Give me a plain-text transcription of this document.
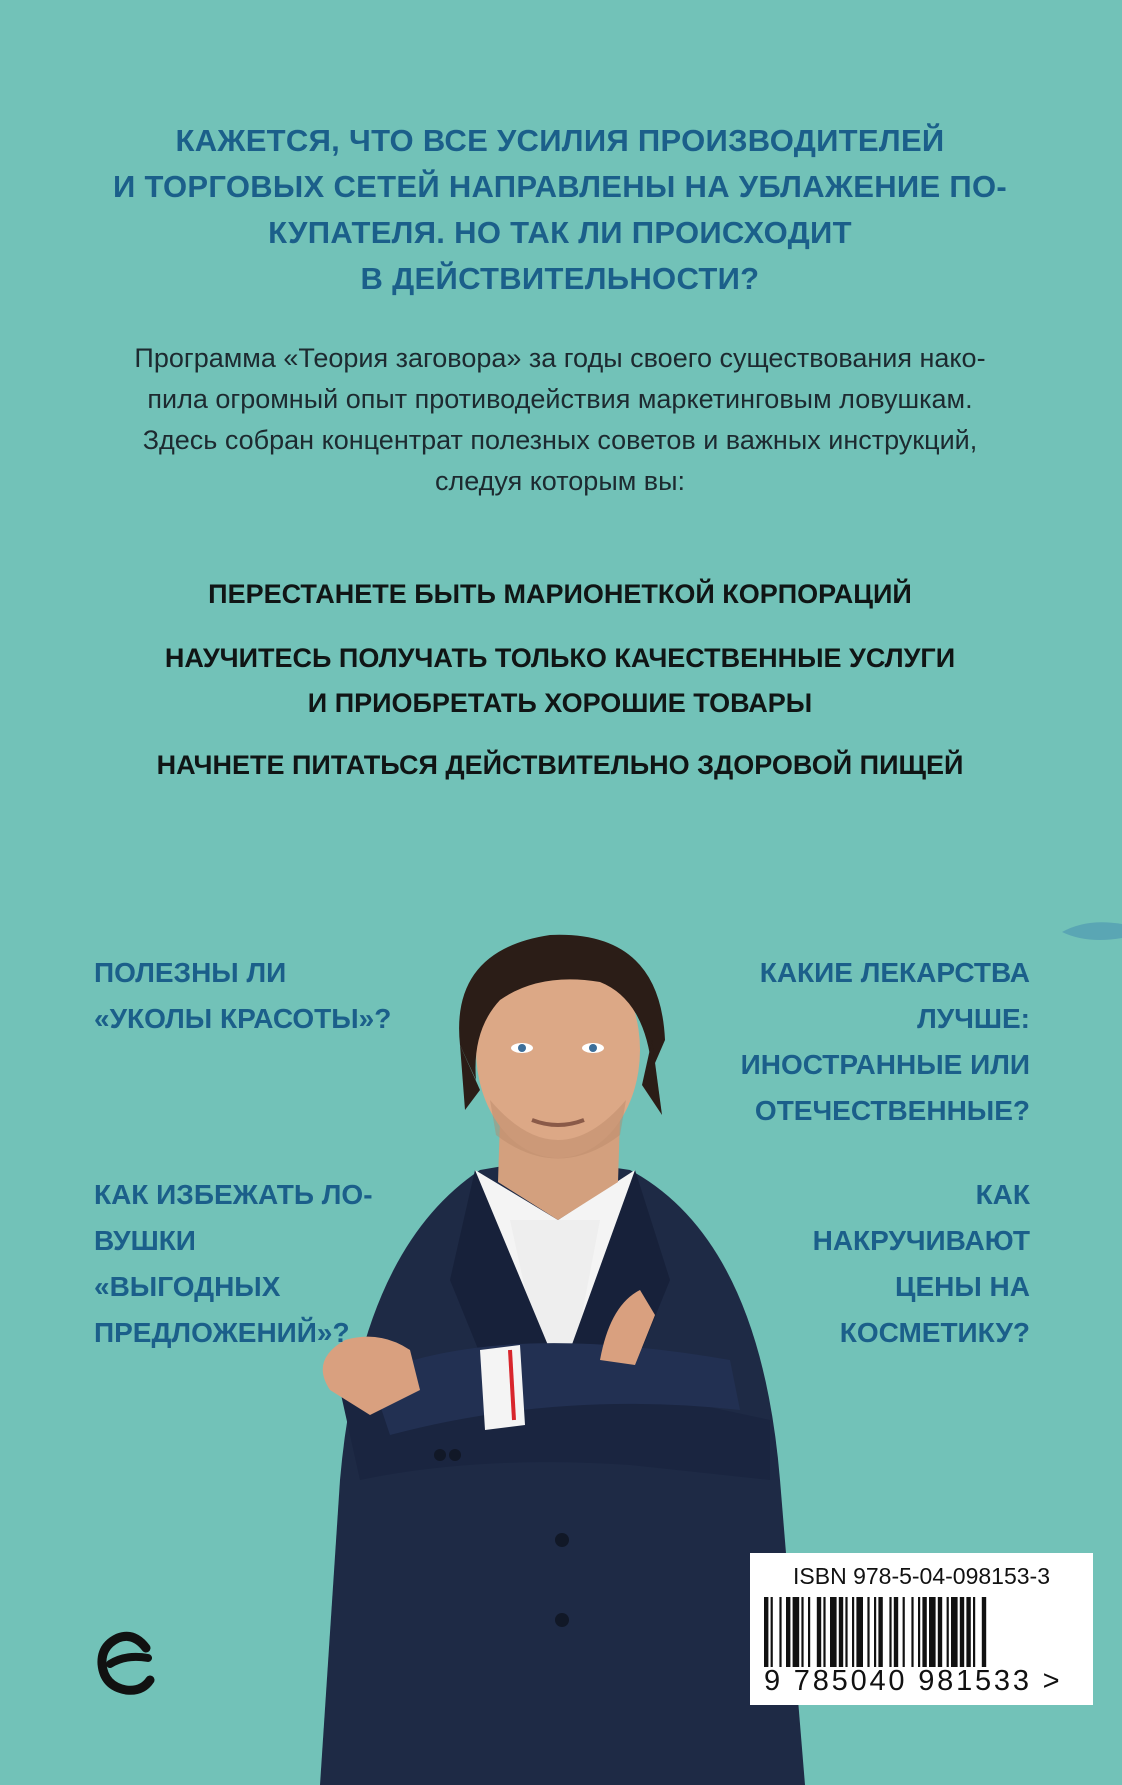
КАЖЕТСЯ, ЧТО ВСЕ УСИЛИЯ ПРОИЗВОДИТЕЛЕЙ
И ТОРГОВЫХ СЕТЕЙ НАПРАВЛЕНЫ НА УБЛАЖЕНИЕ ПО-
КУПАТЕЛЯ. НО ТАК ЛИ ПРОИСХОДИТ
В ДЕЙСТВИТЕЛЬНОСТИ?
Программа «Теория заговора» за годы своего существования нако-
пила огромный опыт противодействия маркетинговым ловушкам.
Здесь собран концентрат полезных советов и важных инструкций,
следуя которым вы:
ПЕРЕСТАНЕТЕ БЫТЬ МАРИОНЕТКОЙ КОРПОРАЦИЙ
НАУЧИТЕСЬ ПОЛУЧАТЬ ТОЛЬКО КАЧЕСТВЕННЫЕ УСЛУГИ
И ПРИОБРЕТАТЬ ХОРОШИЕ ТОВАРЫ
НАЧНЕТЕ ПИТАТЬСЯ ДЕЙСТВИТЕЛЬНО ЗДОРОВОЙ ПИЩЕЙ
ПОЛЕЗНЫ ЛИ
«УКОЛЫ КРАСОТЫ»?
КАК ИЗБЕЖАТЬ ЛО-
ВУШКИ
«ВЫГОДНЫХ
ПРЕДЛОЖЕНИЙ»?
КАКИЕ ЛЕКАРСТВА
ЛУЧШЕ:
ИНОСТРАННЫЕ ИЛИ
ОТЕЧЕСТВЕННЫЕ?
КАК
НАКРУЧИВАЮТ
ЦЕНЫ НА
КОСМЕТИКУ?
ISBN 978-5-04-098153-3
9 785040 981533 >
